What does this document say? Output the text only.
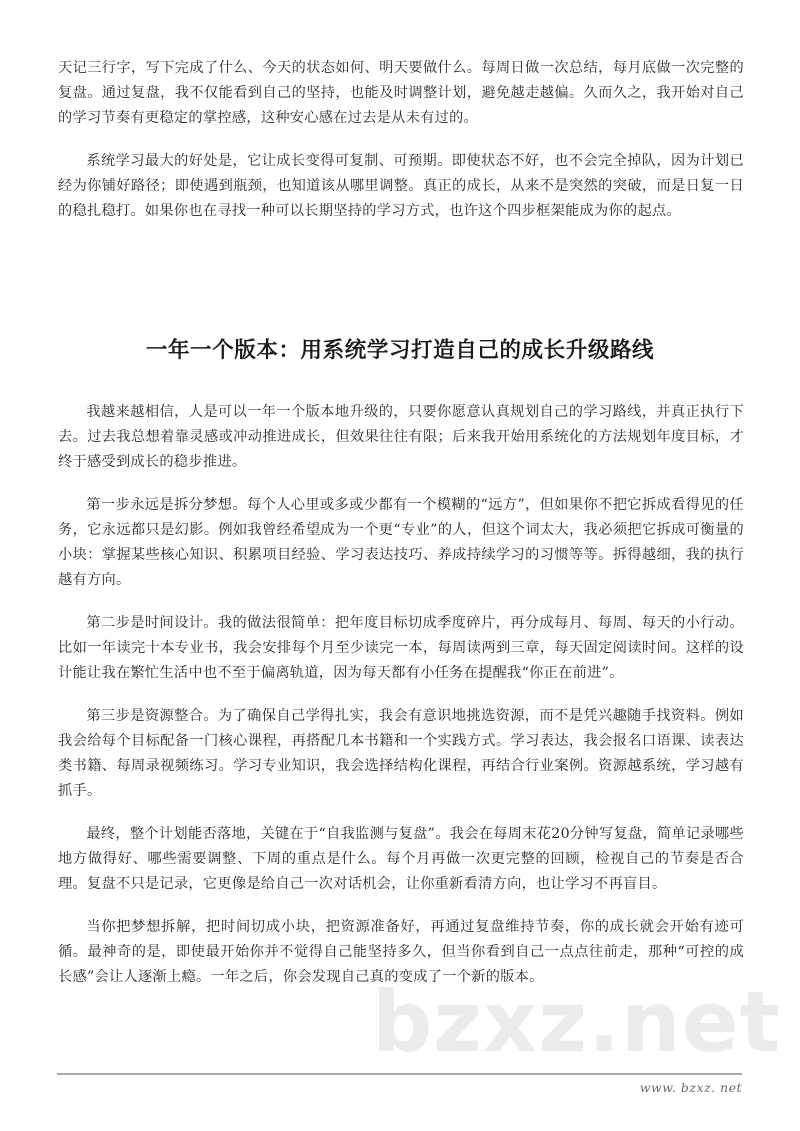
天记三行字，写下完成了什么、今天的状态如何、明天要做什么。每周日做一次总结，每月底做一次完整的复盘。通过复盘，我不仅能看到自己的坚持，也能及时调整计划，避免越走越偏。久而久之，我开始对自己的学习节奏有更稳定的掌控感，这种安心感在过去是从未有过的。

系统学习最大的好处是，它让成长变得可复制、可预期。即使状态不好，也不会完全掉队，因为计划已经为你铺好路径；即使遇到瓶颈，也知道该从哪里调整。真正的成长，从来不是突然的突破，而是日复一日的稳扎稳打。如果你也在寻找一种可以长期坚持的学习方式，也许这个四步框架能成为你的起点。

一年一个版本：用系统学习打造自己的成长升级路线
bzxz.net

我越来越相信，人是可以一年一个版本地升级的，只要你愿意认真规划自己的学习路线，并真正执行下去。过去我总想着靠灵感或冲动推进成长，但效果往往有限；后来我开始用系统化的方法规划年度目标，才终于感受到成长的稳步推进。

第一步永远是拆分梦想。每个人心里或多或少都有一个模糊的“远方”，但如果你不把它拆成看得见的任务，它永远都只是幻影。例如我曾经希望成为一个更“专业”的人，但这个词太大，我必须把它拆成可衡量的小块：掌握某些核心知识、积累项目经验、学习表达技巧、养成持续学习的习惯等等。拆得越细，我的执行越有方向。

第二步是时间设计。我的做法很简单：把年度目标切成季度碎片，再分成每月、每周、每天的小行动。比如一年读完十本专业书，我会安排每个月至少读完一本，每周读两到三章，每天固定阅读时间。这样的设计能让我在繁忙生活中也不至于偏离轨道，因为每天都有小任务在提醒我“你正在前进”。

第三步是资源整合。为了确保自己学得扎实，我会有意识地挑选资源，而不是凭兴趣随手找资料。例如我会给每个目标配备一门核心课程，再搭配几本书籍和一个实践方式。学习表达，我会报名口语课、读表达类书籍、每周录视频练习。学习专业知识，我会选择结构化课程，再结合行业案例。资源越系统，学习越有抓手。

最终，整个计划能否落地，关键在于“自我监测与复盘”。我会在每周末花20分钟写复盘，简单记录哪些地方做得好、哪些需要调整、下周的重点是什么。每个月再做一次更完整的回顾，检视自己的节奏是否合理。复盘不只是记录，它更像是给自己一次对话机会，让你重新看清方向，也让学习不再盲目。

当你把梦想拆解，把时间切成小块，把资源准备好，再通过复盘维持节奏，你的成长就会开始有迹可循。最神奇的是，即使最开始你并不觉得自己能坚持多久，但当你看到自己一点点往前走，那种“可控的成长感”会让人逐渐上瘾。一年之后，你会发现自己真的变成了一个新的版本。

www. bzxz. net
